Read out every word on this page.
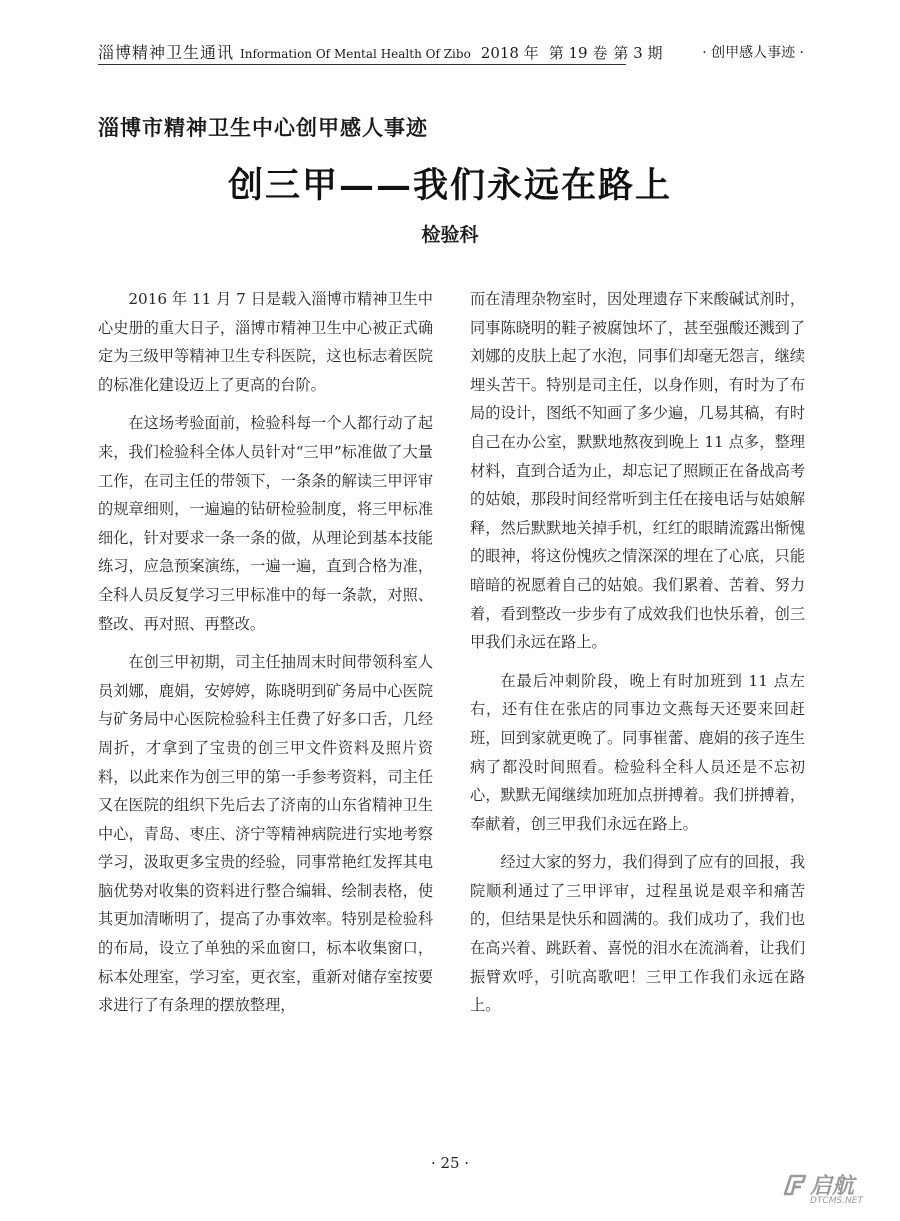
淄博精神卫生通讯 Information Of Mental Health Of Zibo 2018 年 第 19 卷 第 3 期	· 创甲感人事迹 ·
淄博市精神卫生中心创甲感人事迹
创三甲——我们永远在路上
检验科

2016 年 11 月 7 日是载入淄博市精神卫生中心史册的重大日子，淄博市精神卫生中心被正式确定为三级甲等精神卫生专科医院，这也标志着医院的标准化建设迈上了更高的台阶。

在这场考验面前，检验科每一个人都行动了起来，我们检验科全体人员针对“三甲”标准做了大量工作，在司主任的带领下，一条条的解读三甲评审的规章细则，一遍遍的钻研检验制度，将三甲标准细化，针对要求一条一条的做，从理论到基本技能练习，应急预案演练，一遍一遍，直到合格为准，全科人员反复学习三甲标准中的每一条款，对照、整改、再对照、再整改。

在创三甲初期，司主任抽周末时间带领科室人员刘娜，鹿娟，安婷婷，陈晓明到矿务局中心医院与矿务局中心医院检验科主任费了好多口舌，几经周折，才拿到了宝贵的创三甲文件资料及照片资料，以此来作为创三甲的第一手参考资料，司主任又在医院的组织下先后去了济南的山东省精神卫生中心，青岛、枣庄、济宁等精神病院进行实地考察学习，汲取更多宝贵的经验，同事常艳红发挥其电脑优势对收集的资料进行整合编辑、绘制表格，使其更加清晰明了，提高了办事效率。特别是检验科的布局，设立了单独的采血窗口，标本收集窗口，标本处理室，学习室，更衣室，重新对储存室按要求进行了有条理的摆放整理，

而在清理杂物室时，因处理遗存下来酸碱试剂时，同事陈晓明的鞋子被腐蚀坏了，甚至强酸还溅到了刘娜的皮肤上起了水泡，同事们却毫无怨言，继续埋头苦干。特别是司主任，以身作则，有时为了布局的设计，图纸不知画了多少遍，几易其稿，有时自己在办公室，默默地熬夜到晚上 11 点多，整理材料，直到合适为止，却忘记了照顾正在备战高考的姑娘，那段时间经常听到主任在接电话与姑娘解释，然后默默地关掉手机，红红的眼睛流露出惭愧的眼神，将这份愧疚之情深深的埋在了心底，只能暗暗的祝愿着自己的姑娘。我们累着、苦着、努力着，看到整改一步步有了成效我们也快乐着，创三甲我们永远在路上。

在最后冲刺阶段，晚上有时加班到 11 点左右，还有住在张店的同事边文燕每天还要来回赶班，回到家就更晚了。同事崔蕾、鹿娟的孩子连生病了都没时间照看。检验科全科人员还是不忘初心，默默无闻继续加班加点拼搏着。我们拼搏着，奉献着，创三甲我们永远在路上。

经过大家的努力，我们得到了应有的回报，我院顺利通过了三甲评审，过程虽说是艰辛和痛苦的，但结果是快乐和圆满的。我们成功了，我们也在高兴着、跳跃着、喜悦的泪水在流淌着，让我们振臂欢呼，引吭高歌吧！三甲工作我们永远在路上。

· 25 ·
启航
DTCMS.NET
